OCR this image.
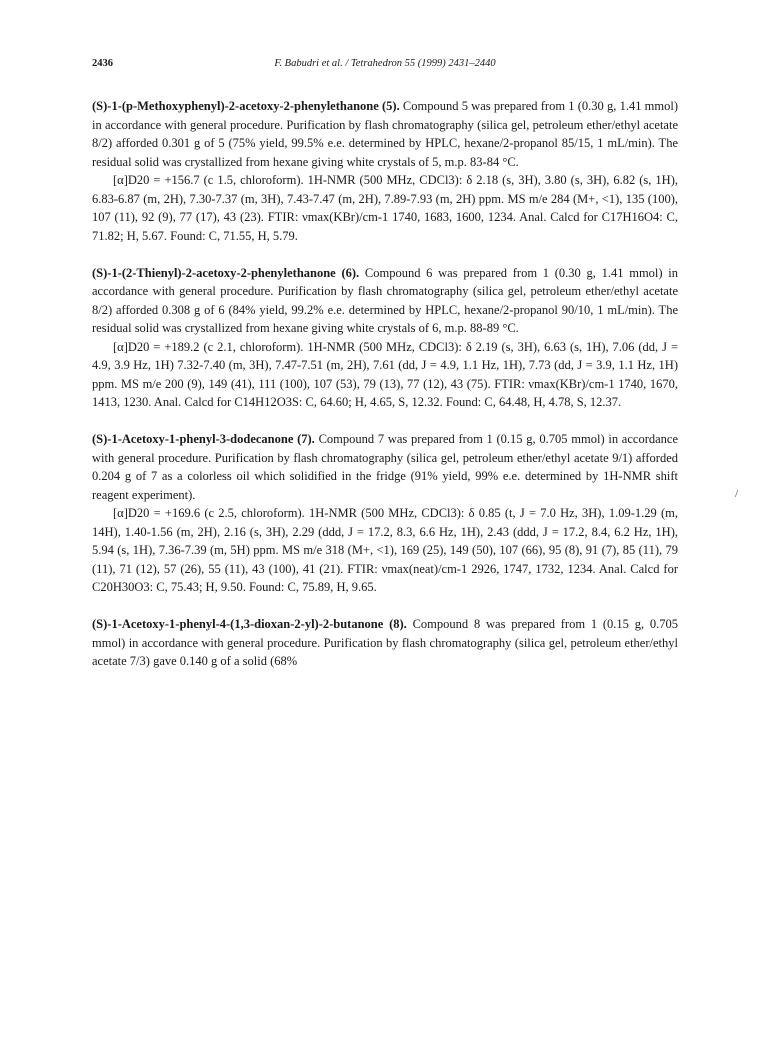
2436	F. Babudri et al. / Tetrahedron 55 (1999) 2431–2440

(S)-1-(p-Methoxyphenyl)-2-acetoxy-2-phenylethanone (5). Compound 5 was prepared from 1 (0.30 g, 1.41 mmol) in accordance with general procedure. Purification by flash chromatography (silica gel, petroleum ether/ethyl acetate 8/2) afforded 0.301 g of 5 (75% yield, 99.5% e.e. determined by HPLC, hexane/2-propanol 85/15, 1 mL/min). The residual solid was crystallized from hexane giving white crystals of 5, m.p. 83-84 °C.

[α]D20 = +156.7 (c 1.5, chloroform). 1H-NMR (500 MHz, CDCl3): δ 2.18 (s, 3H), 3.80 (s, 3H), 6.82 (s, 1H), 6.83-6.87 (m, 2H), 7.30-7.37 (m, 3H), 7.43-7.47 (m, 2H), 7.89-7.93 (m, 2H) ppm. MS m/e 284 (M+, <1), 135 (100), 107 (11), 92 (9), 77 (17), 43 (23). FTIR: νmax(KBr)/cm-1 1740, 1683, 1600, 1234. Anal. Calcd for C17H16O4: C, 71.82; H, 5.67. Found: C, 71.55, H, 5.79.

(S)-1-(2-Thienyl)-2-acetoxy-2-phenylethanone (6). Compound 6 was prepared from 1 (0.30 g, 1.41 mmol) in accordance with general procedure. Purification by flash chromatography (silica gel, petroleum ether/ethyl acetate 8/2) afforded 0.308 g of 6 (84% yield, 99.2% e.e. determined by HPLC, hexane/2-propanol 90/10, 1 mL/min). The residual solid was crystallized from hexane giving white crystals of 6, m.p. 88-89 °C.

[α]D20 = +189.2 (c 2.1, chloroform). 1H-NMR (500 MHz, CDCl3): δ 2.19 (s, 3H), 6.63 (s, 1H), 7.06 (dd, J = 4.9, 3.9 Hz, 1H) 7.32-7.40 (m, 3H), 7.47-7.51 (m, 2H), 7.61 (dd, J = 4.9, 1.1 Hz, 1H), 7.73 (dd, J = 3.9, 1.1 Hz, 1H) ppm. MS m/e 200 (9), 149 (41), 111 (100), 107 (53), 79 (13), 77 (12), 43 (75). FTIR: νmax(KBr)/cm-1 1740, 1670, 1413, 1230. Anal. Calcd for C14H12O3S: C, 64.60; H, 4.65, S, 12.32. Found: C, 64.48, H, 4.78, S, 12.37.

(S)-1-Acetoxy-1-phenyl-3-dodecanone (7). Compound 7 was prepared from 1 (0.15 g, 0.705 mmol) in accordance with general procedure. Purification by flash chromatography (silica gel, petroleum ether/ethyl acetate 9/1) afforded 0.204 g of 7 as a colorless oil which solidified in the fridge (91% yield, 99% e.e. determined by 1H-NMR shift reagent experiment).

[α]D20 = +169.6 (c 2.5, chloroform). 1H-NMR (500 MHz, CDCl3): δ 0.85 (t, J = 7.0 Hz, 3H), 1.09-1.29 (m, 14H), 1.40-1.56 (m, 2H), 2.16 (s, 3H), 2.29 (ddd, J = 17.2, 8.3, 6.6 Hz, 1H), 2.43 (ddd, J = 17.2, 8.4, 6.2 Hz, 1H), 5.94 (s, 1H), 7.36-7.39 (m, 5H) ppm. MS m/e 318 (M+, <1), 169 (25), 149 (50), 107 (66), 95 (8), 91 (7), 85 (11), 79 (11), 71 (12), 57 (26), 55 (11), 43 (100), 41 (21). FTIR: νmax(neat)/cm-1 2926, 1747, 1732, 1234. Anal. Calcd for C20H30O3: C, 75.43; H, 9.50. Found: C, 75.89, H, 9.65.

(S)-1-Acetoxy-1-phenyl-4-(1,3-dioxan-2-yl)-2-butanone (8). Compound 8 was prepared from 1 (0.15 g, 0.705 mmol) in accordance with general procedure. Purification by flash chromatography (silica gel, petroleum ether/ethyl acetate 7/3) gave 0.140 g of a solid (68%

/
